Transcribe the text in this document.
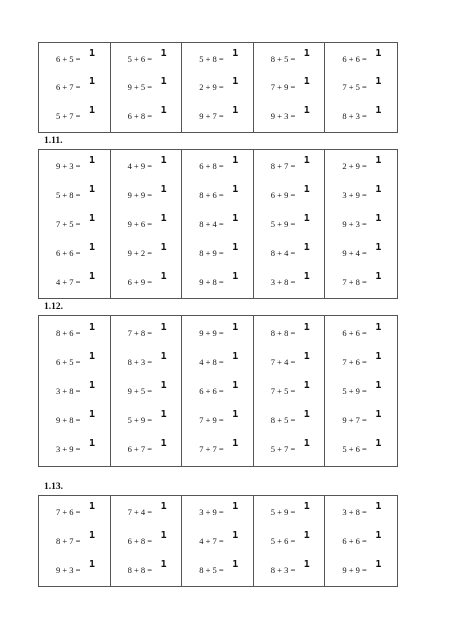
6 + 5 = 1
6 + 7 = 1
5 + 7 = 1
5 + 6 = 1
9 + 5 = 1
6 + 8 = 1
5 + 8 = 1
2 + 9 = 1
9 + 7 = 1
8 + 5 = 1
7 + 9 = 1
9 + 3 = 1
6 + 6 = 1
7 + 5 = 1
8 + 3 = 1
1.11.
9 + 3 = 1
5 + 8 = 1
7 + 5 = 1
6 + 6 = 1
4 + 7 = 1
4 + 9 = 1
9 + 9 = 1
9 + 6 = 1
9 + 2 = 1
6 + 9 = 1
6 + 8 = 1
8 + 6 = 1
8 + 4 = 1
8 + 9 = 1
9 + 8 = 1
8 + 7 = 1
6 + 9 = 1
5 + 9 = 1
8 + 4 = 1
3 + 8 = 1
2 + 9 = 1
3 + 9 = 1
9 + 3 = 1
9 + 4 = 1
7 + 8 = 1
1.12.
8 + 6 = 1
6 + 5 = 1
3 + 8 = 1
9 + 8 = 1
3 + 9 = 1
7 + 8 = 1
8 + 3 = 1
9 + 5 = 1
5 + 9 = 1
6 + 7 = 1
9 + 9 = 1
4 + 8 = 1
6 + 6 = 1
7 + 9 = 1
7 + 7 = 1
8 + 8 = 1
7 + 4 = 1
7 + 5 = 1
8 + 5 = 1
5 + 7 = 1
6 + 6 = 1
7 + 6 = 1
5 + 9 = 1
9 + 7 = 1
5 + 6 = 1
1.13.
7 + 6 = 1
8 + 7 = 1
9 + 3 = 1
7 + 4 = 1
6 + 8 = 1
8 + 8 = 1
3 + 9 = 1
4 + 7 = 1
8 + 5 = 1
5 + 9 = 1
5 + 6 = 1
8 + 3 = 1
3 + 8 = 1
6 + 6 = 1
9 + 9 = 1
